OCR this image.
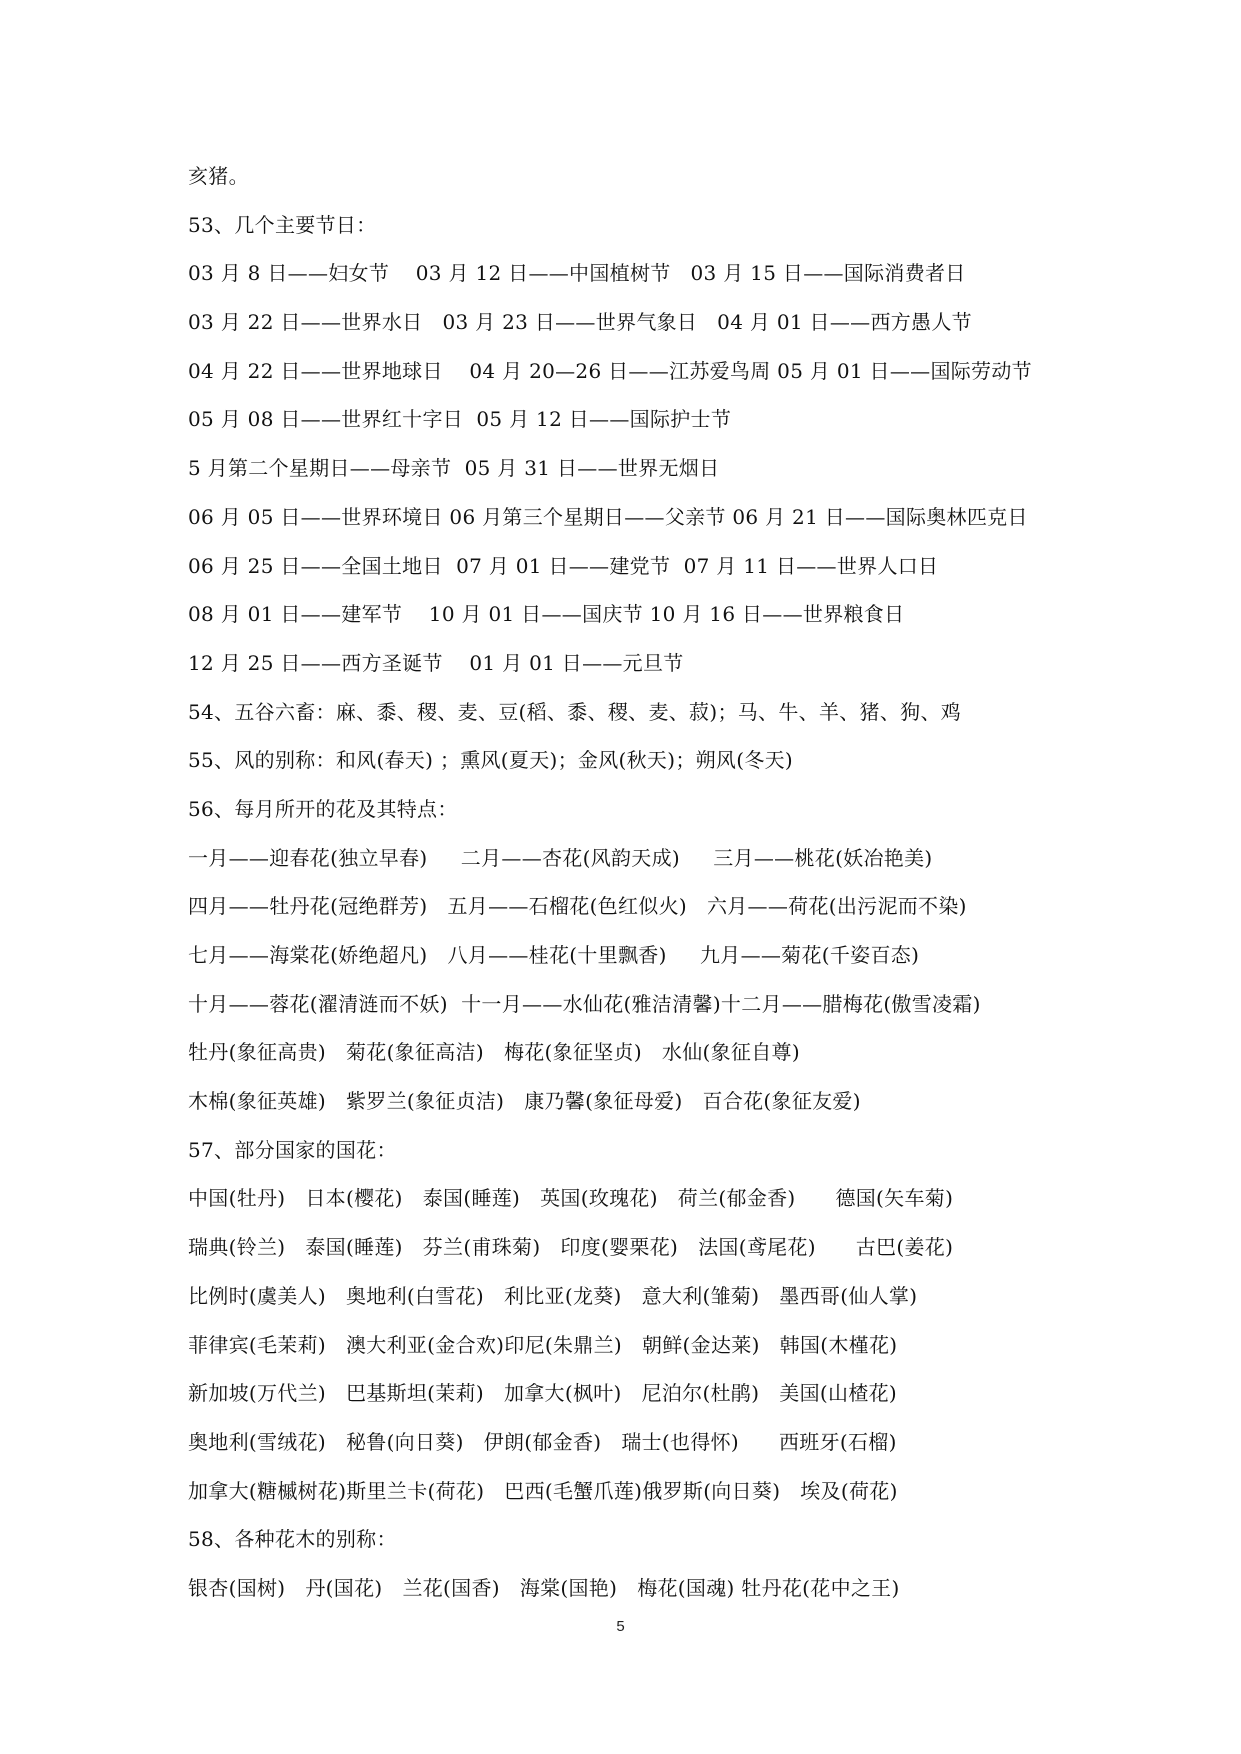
亥猪。
53、几个主要节日：
03 月 8 日——妇女节    03 月 12 日——中国植树节   03 月 15 日——国际消费者日
03 月 22 日——世界水日   03 月 23 日——世界气象日   04 月 01 日——西方愚人节
04 月 22 日——世界地球日    04 月 20—26 日——江苏爱鸟周 05 月 01 日——国际劳动节
05 月 08 日——世界红十字日  05 月 12 日——国际护士节
5 月第二个星期日——母亲节  05 月 31 日——世界无烟日
06 月 05 日——世界环境日 06 月第三个星期日——父亲节 06 月 21 日——国际奥林匹克日
06 月 25 日——全国土地日  07 月 01 日——建党节  07 月 11 日——世界人口日
08 月 01 日——建军节    10 月 01 日——国庆节 10 月 16 日——世界粮食日
12 月 25 日——西方圣诞节    01 月 01 日——元旦节
54、五谷六畜：麻、黍、稷、麦、豆(稻、黍、稷、麦、菽)；马、牛、羊、猪、狗、鸡
55、风的别称：和风(春天) ；熏风(夏天)；金风(秋天)；朔风(冬天)
56、每月所开的花及其特点：
一月——迎春花(独立早春)     二月——杏花(风韵天成)     三月——桃花(妖冶艳美)
四月——牡丹花(冠绝群芳)   五月——石榴花(色红似火)   六月——荷花(出污泥而不染)
七月——海棠花(娇绝超凡)   八月——桂花(十里飘香)     九月——菊花(千姿百态)
十月——蓉花(濯清涟而不妖)  十一月——水仙花(雅洁清馨)十二月——腊梅花(傲雪凌霜)
牡丹(象征高贵)   菊花(象征高洁)   梅花(象征坚贞)   水仙(象征自尊)
木棉(象征英雄)   紫罗兰(象征贞洁)   康乃馨(象征母爱)   百合花(象征友爱)
57、部分国家的国花：
中国(牡丹)   日本(樱花)   泰国(睡莲)   英国(玫瑰花)   荷兰(郁金香)      德国(矢车菊)
瑞典(铃兰)   泰国(睡莲)   芬兰(甫珠菊)   印度(婴栗花)   法国(鸢尾花)      古巴(姜花)
比例时(虞美人)   奥地利(白雪花)   利比亚(龙葵)   意大利(雏菊)   墨西哥(仙人掌)
菲律宾(毛茉莉)   澳大利亚(金合欢)印尼(朱鼎兰)   朝鲜(金达莱)   韩国(木槿花)
新加坡(万代兰)   巴基斯坦(茉莉)   加拿大(枫叶)   尼泊尔(杜鹃)   美国(山楂花)
奥地利(雪绒花)   秘鲁(向日葵)   伊朗(郁金香)   瑞士(也得怀)      西班牙(石榴)
加拿大(糖槭树花)斯里兰卡(荷花)   巴西(毛蟹爪莲)俄罗斯(向日葵)   埃及(荷花)
58、各种花木的别称：
银杏(国树)   丹(国花)   兰花(国香)   海棠(国艳)   梅花(国魂) 牡丹花(花中之王)
5
